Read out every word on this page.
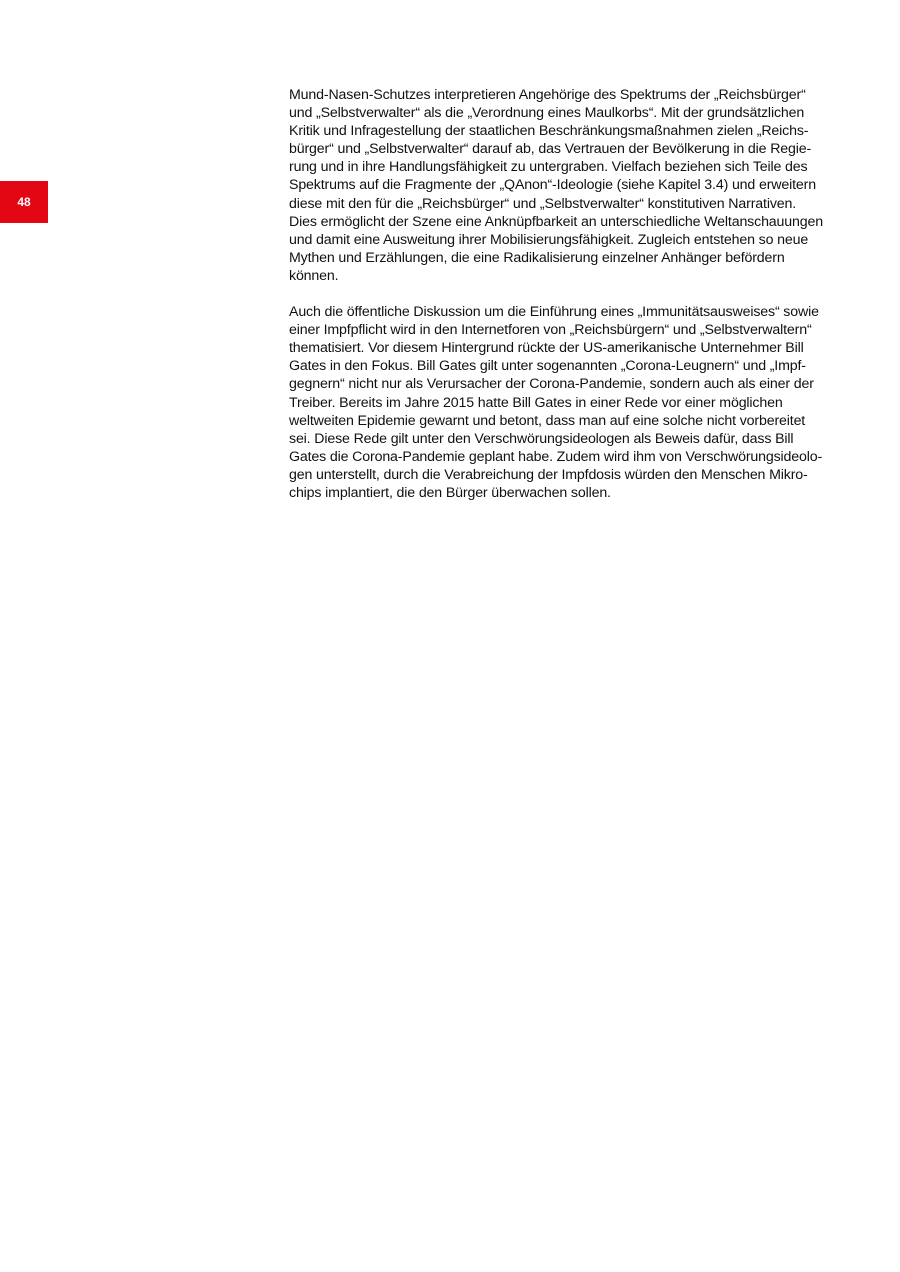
48

Mund-Nasen-Schutzes interpretieren Angehörige des Spektrums der „Reichsbürger“
und „Selbstverwalter“ als die „Verordnung eines Maulkorbs“. Mit der grundsätzlichen
Kritik und Infragestellung der staatlichen Beschränkungsmaßnahmen zielen „Reichs-
bürger“ und „Selbstverwalter“ darauf ab, das Vertrauen der Bevölkerung in die Regie-
rung und in ihre Handlungsfähigkeit zu untergraben. Vielfach beziehen sich Teile des
Spektrums auf die Fragmente der „QAnon“-Ideologie (siehe Kapitel 3.4) und erweitern
diese mit den für die „Reichsbürger“ und „Selbstverwalter“ konstitutiven Narrativen.
Dies ermöglicht der Szene eine Anknüpfbarkeit an unterschiedliche Weltanschauungen
und damit eine Ausweitung ihrer Mobilisierungsfähigkeit. Zugleich entstehen so neue
Mythen und Erzählungen, die eine Radikalisierung einzelner Anhänger befördern
können.

Auch die öffentliche Diskussion um die Einführung eines „Immunitätsausweises“ sowie
einer Impfpflicht wird in den Internetforen von „Reichsbürgern“ und „Selbstverwaltern“
thematisiert. Vor diesem Hintergrund rückte der US-amerikanische Unternehmer Bill
Gates in den Fokus. Bill Gates gilt unter sogenannten „Corona-Leugnern“ und „Impf-
gegnern“ nicht nur als Verursacher der Corona-Pandemie, sondern auch als einer der
Treiber. Bereits im Jahre 2015 hatte Bill Gates in einer Rede vor einer möglichen
weltweiten Epidemie gewarnt und betont, dass man auf eine solche nicht vorbereitet
sei. Diese Rede gilt unter den Verschwörungsideologen als Beweis dafür, dass Bill
Gates die Corona-Pandemie geplant habe. Zudem wird ihm von Verschwörungsideolo-
gen unterstellt, durch die Verabreichung der Impfdosis würden den Menschen Mikro-
chips implantiert, die den Bürger überwachen sollen.
